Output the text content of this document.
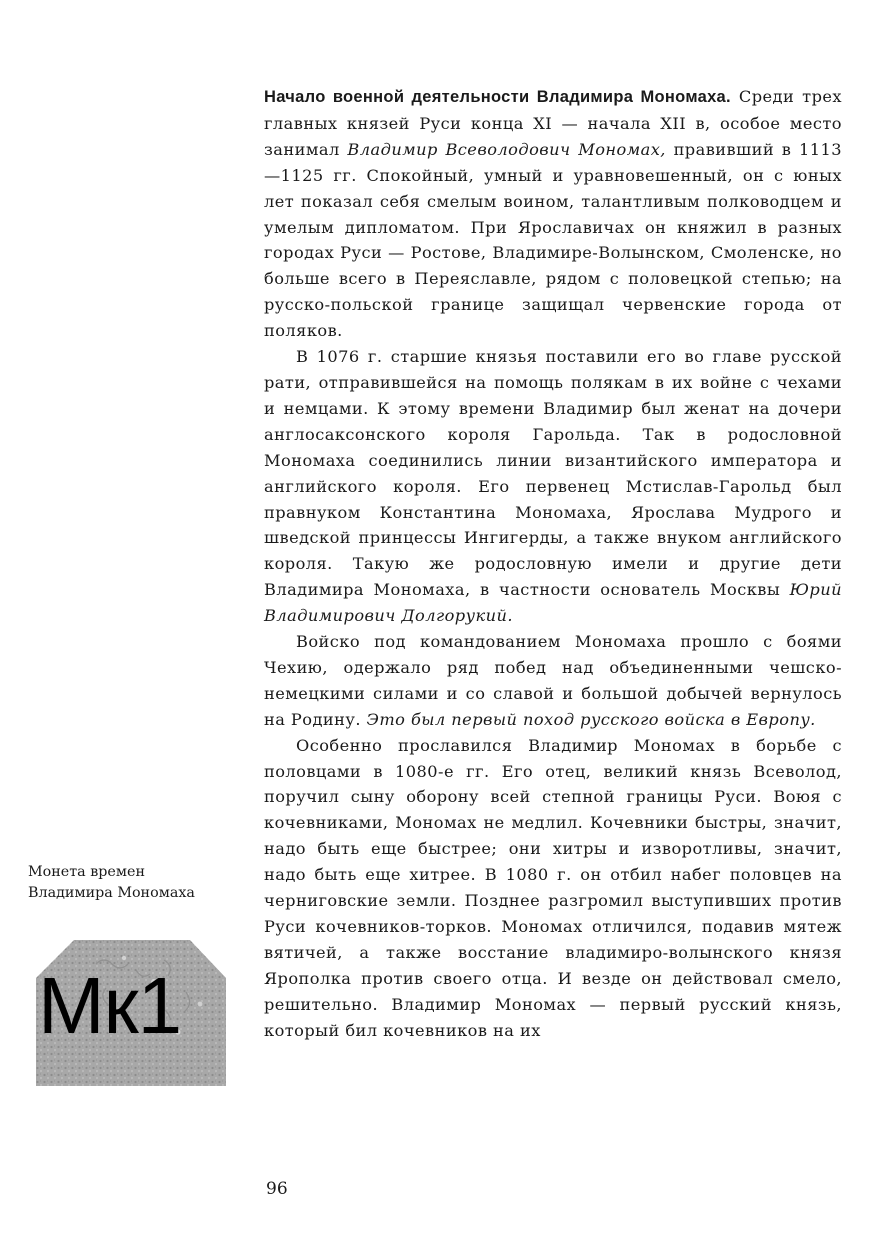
Начало военной деятельности Владимира Мономаха. Среди трех главных князей Руси конца XI — начала XII в, особое место занимал Владимир Всеволодович Мономах, правивший в 1113—1125 гг. Спокойный, умный и уравновешенный, он с юных лет показал себя смелым воином, талантливым полководцем и умелым дипломатом. При Ярославичах он княжил в разных городах Руси — Ростове, Владимире-Волынском, Смоленске, но больше всего в Переяславле, рядом с половецкой степью; на русско-польской границе защищал червенские города от поляков.

В 1076 г. старшие князья поставили его во главе русской рати, отправившейся на помощь полякам в их войне с чехами и немцами. К этому времени Владимир был женат на дочери англосаксонского короля Гарольда. Так в родословной Мономаха соединились линии византийского императора и английского короля. Его первенец Мстислав-Гарольд был правнуком Константина Мономаха, Ярослава Мудрого и шведской принцессы Ингигерды, а также внуком английского короля. Такую же родословную имели и другие дети Владимира Мономаха, в частности основатель Москвы Юрий Владимирович Долгорукий.

Войско под командованием Мономаха прошло с боями Чехию, одержало ряд побед над объединенными чешско-немецкими силами и со славой и большой добычей вернулось на Родину. Это был первый поход русского войска в Европу.

Особенно прославился Владимир Мономах в борьбе с половцами в 1080-е гг. Его отец, великий князь Всеволод, поручил сыну оборону всей степной границы Руси. Воюя с кочевниками, Мономах не медлил. Кочевники быстры, значит, надо быть еще быстрее; они хитры и изворотливы, значит, надо быть еще хитрее. В 1080 г. он отбил набег половцев на черниговские земли. Позднее разгромил выступивших против Руси кочевников-торков. Мономах отличился, подавив мятеж вятичей, а также восстание владимиро-волынского князя Ярополка против своего отца. И везде он действовал смело, решительно. Владимир Мономах — первый русский князь, который бил кочевников на их

Монета времен Владимира Мономаха
Мк1
96
